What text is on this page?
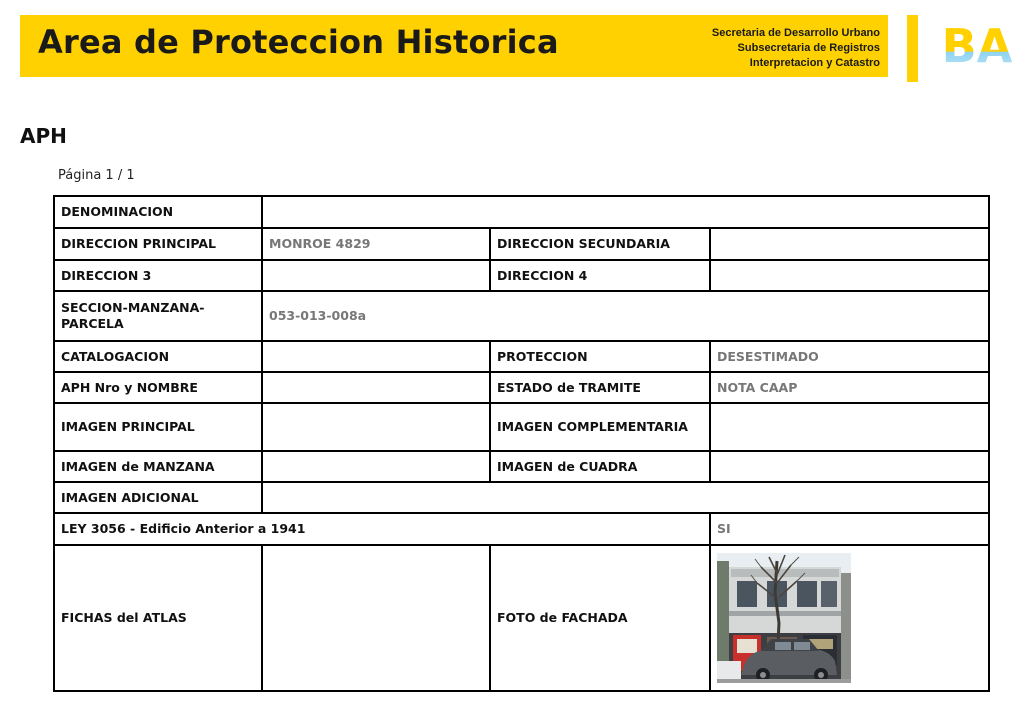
Area de Proteccion Historica	Secretaria de Desarrollo Urbano
Subsecretaria de Registros
Interpretacion y Catastro BA
APH
Página 1 / 1
DENOMINACION			
DIRECCION PRINCIPAL	MONROE 4829	DIRECCION SECUNDARIA	
DIRECCION 3		DIRECCION 4	
SECCION-MANZANA-PARCELA	053-013-008a		
CATALOGACION		PROTECCION	DESESTIMADO
APH Nro y NOMBRE		ESTADO de TRAMITE	NOTA CAAP
IMAGEN PRINCIPAL		IMAGEN COMPLEMENTARIA	
IMAGEN de MANZANA		IMAGEN de CUADRA	
IMAGEN ADICIONAL			
LEY 3056 - Edificio Anterior a 1941			SI
FICHAS del ATLAS		FOTO de FACHADA	
